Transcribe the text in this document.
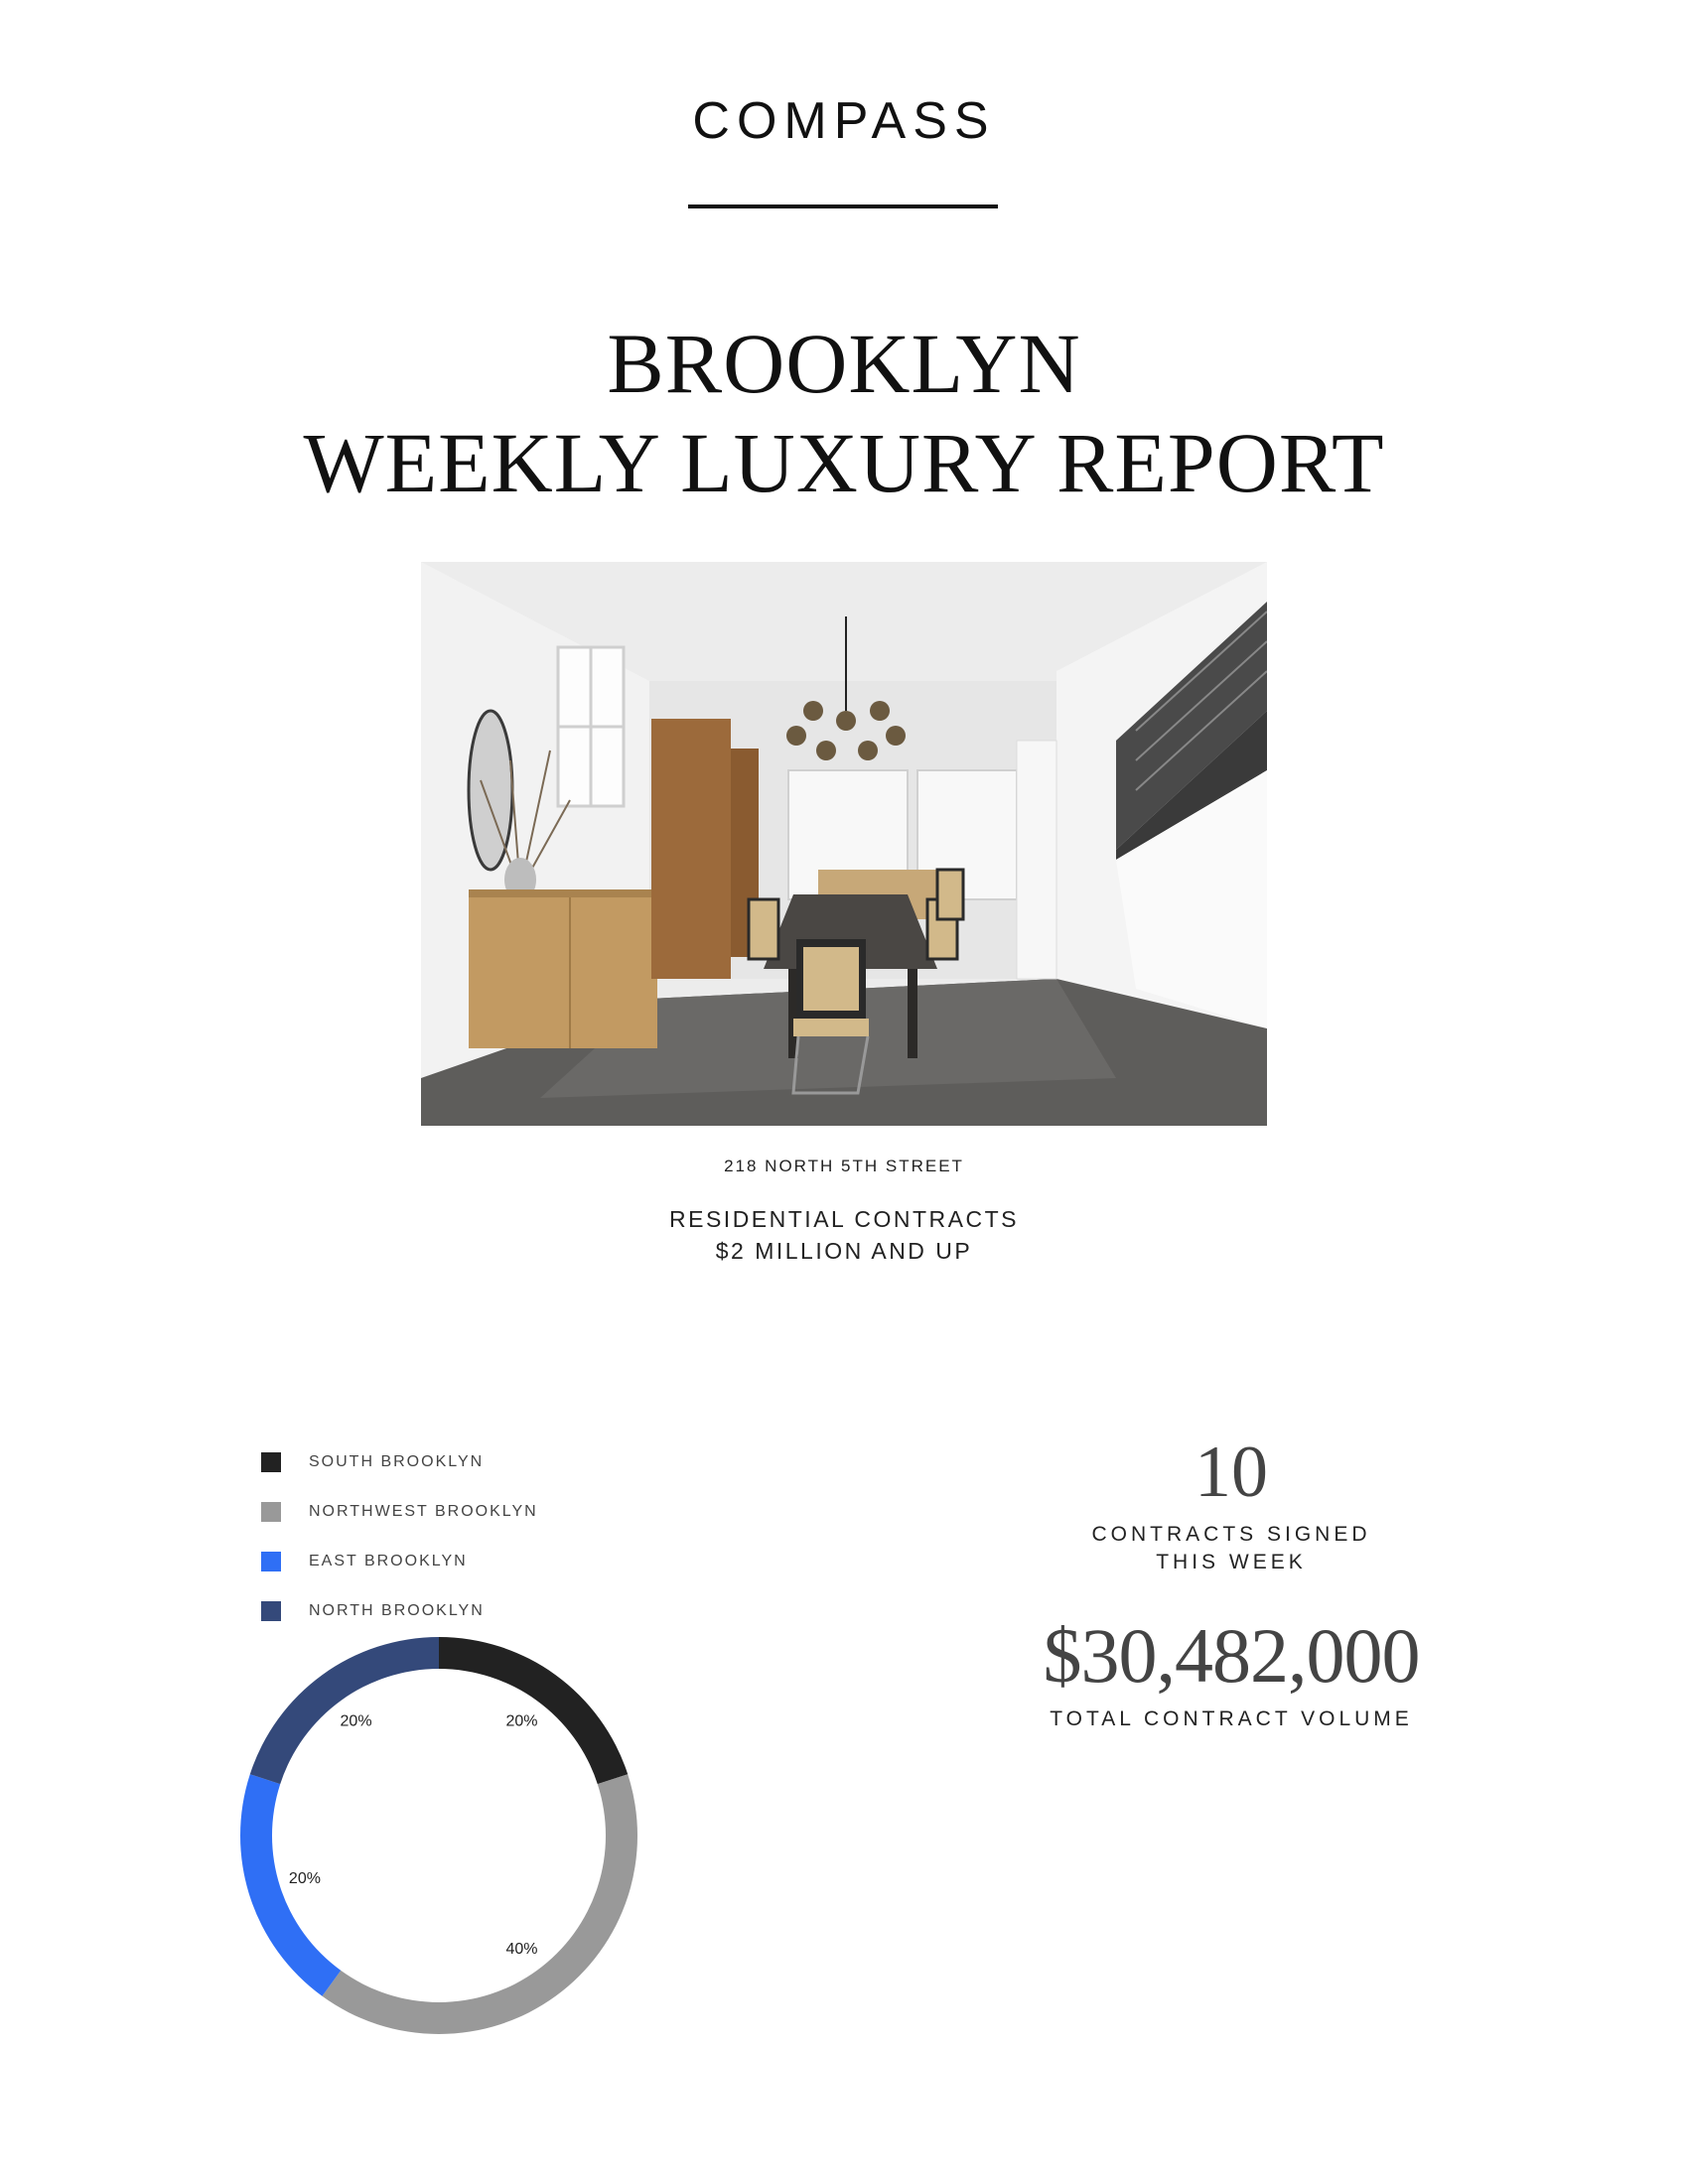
COMPASS
BROOKLYN
WEEKLY LUXURY REPORT
218 NORTH 5TH STREET
RESIDENTIAL CONTRACTS
$2 MILLION AND UP
SOUTH BROOKLYN
NORTHWEST BROOKLYN
EAST BROOKLYN
NORTH BROOKLYN
20%
40%
20%
20%
10
CONTRACTS SIGNED
THIS WEEK
$30,482,000
TOTAL CONTRACT VOLUME
